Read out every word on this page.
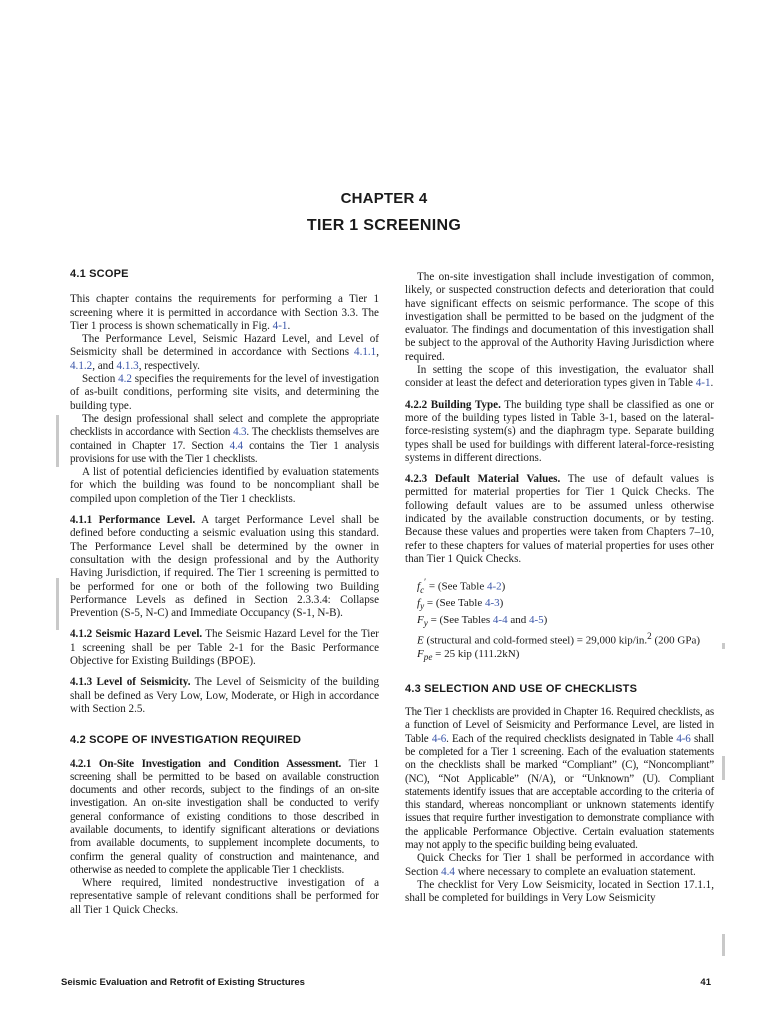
CHAPTER 4
TIER 1 SCREENING
4.1 SCOPE

This chapter contains the requirements for performing a Tier 1 screening where it is permitted in accordance with Section 3.3. The Tier 1 process is shown schematically in Fig. 4-1.

The Performance Level, Seismic Hazard Level, and Level of Seismicity shall be determined in accordance with Sections 4.1.1, 4.1.2, and 4.1.3, respectively.

Section 4.2 specifies the requirements for the level of investigation of as-built conditions, performing site visits, and determining the building type.

The design professional shall select and complete the appropriate checklists in accordance with Section 4.3. The checklists themselves are contained in Chapter 17. Section 4.4 contains the Tier 1 analysis provisions for use with the Tier 1 checklists.

A list of potential deficiencies identified by evaluation statements for which the building was found to be noncompliant shall be compiled upon completion of the Tier 1 checklists.

4.1.1 Performance Level. A target Performance Level shall be defined before conducting a seismic evaluation using this standard. The Performance Level shall be determined by the owner in consultation with the design professional and by the Authority Having Jurisdiction, if required. The Tier 1 screening is permitted to be performed for one or both of the following two Building Performance Levels as defined in Section 2.3.3.4: Collapse Prevention (S-5, N-C) and Immediate Occupancy (S-1, N-B).

4.1.2 Seismic Hazard Level. The Seismic Hazard Level for the Tier 1 screening shall be per Table 2-1 for the Basic Performance Objective for Existing Buildings (BPOE).

4.1.3 Level of Seismicity. The Level of Seismicity of the building shall be defined as Very Low, Low, Moderate, or High in accordance with Section 2.5.

4.2 SCOPE OF INVESTIGATION REQUIRED

4.2.1 On-Site Investigation and Condition Assessment. Tier 1 screening shall be permitted to be based on available construction documents and other records, subject to the findings of an on-site investigation. An on-site investigation shall be conducted to verify general conformance of existing conditions to those described in available documents, to identify significant alterations or deviations from available documents, to supplement incomplete documents, to confirm the general quality of construction and maintenance, and otherwise as needed to complete the applicable Tier 1 checklists.

Where required, limited nondestructive investigation of a representative sample of relevant conditions shall be performed for all Tier 1 Quick Checks.

The on-site investigation shall include investigation of common, likely, or suspected construction defects and deterioration that could have significant effects on seismic performance. The scope of this investigation shall be permitted to be based on the judgment of the evaluator. The findings and documentation of this investigation shall be subject to the approval of the Authority Having Jurisdiction where required.

In setting the scope of this investigation, the evaluator shall consider at least the defect and deterioration types given in Table 4-1.

4.2.2 Building Type. The building type shall be classified as one or more of the building types listed in Table 3-1, based on the lateral-force-resisting system(s) and the diaphragm type. Separate building types shall be used for buildings with different lateral-force-resisting systems in different directions.

4.2.3 Default Material Values. The use of default values is permitted for material properties for Tier 1 Quick Checks. The following default values are to be assumed unless otherwise indicated by the available construction documents, or by testing. Because these values and properties were taken from Chapters 7–10, refer to these chapters for values of material properties for uses other than Tier 1 Quick Checks.

$f_c' = (See$ Table 4-2)
$f_y = (See$ Table 4-3)
$F_y = (See$ Tables 4-4 and 4-5)
E (structural and cold-formed steel) = 29,000 kip/in.$^2$ (200 GPa)
$F_{pe} = 25$ kip (111.2kN)
4.3 SELECTION AND USE OF CHECKLISTS

The Tier 1 checklists are provided in Chapter 16. Required checklists, as a function of Level of Seismicity and Performance Level, are listed in Table 4-6. Each of the required checklists designated in Table 4-6 shall be completed for a Tier 1 screening. Each of the evaluation statements on the checklists shall be marked “Compliant” (C), “Noncompliant” (NC), “Not Applicable” (N/A), or “Unknown” (U). Compliant statements identify issues that are acceptable according to the criteria of this standard, whereas noncompliant or unknown statements identify issues that require further investigation to demonstrate compliance with the applicable Performance Objective. Certain evaluation statements may not apply to the specific building being evaluated.

Quick Checks for Tier 1 shall be performed in accordance with Section 4.4 where necessary to complete an evaluation statement.

The checklist for Very Low Seismicity, located in Section 17.1.1, shall be completed for buildings in Very Low Seismicity

Seismic Evaluation and Retrofit of Existing Structures	41
